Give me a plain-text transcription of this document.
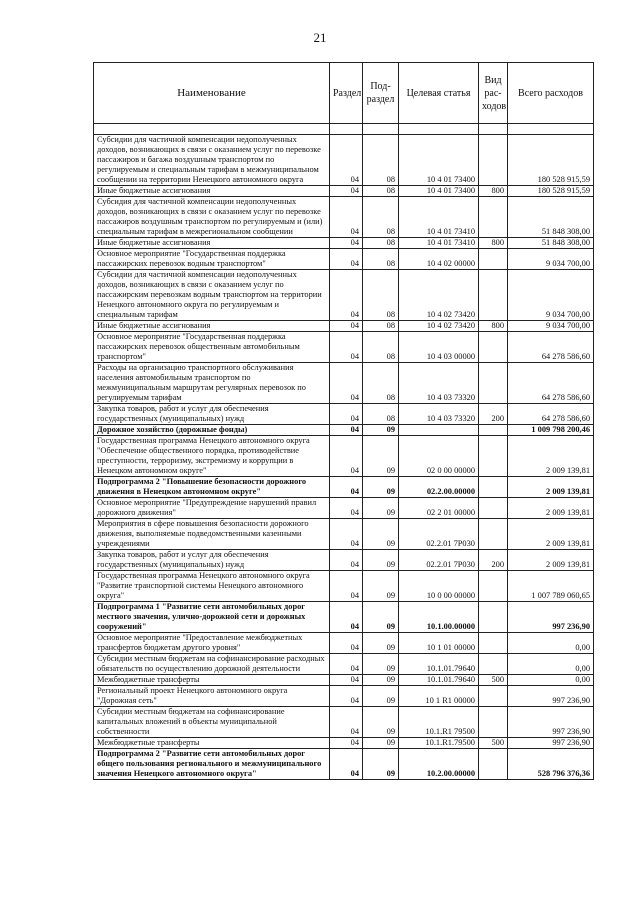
21
Наименование	Раздел	Под-раздел	Целевая статья	Вид рас-ходов	Всего расходов

Субсидии для частичной компенсации недополученных доходов, возникающих в связи с оказанием услуг по перевозке пассажиров и багажа воздушным транспортом по регулируемым и специальным тарифам в межмуниципальном сообщении на территории Ненецкого автономного округа	04	08	10 4 01 73400		180 528 915,59
Иные бюджетные ассигнования	04	08	10 4 01 73400	800	180 528 915,59
Субсидия для частичной компенсации недополученных доходов, возникающих в связи с оказанием услуг по перевозке пассажиров воздушным транспортом по регулируемым и (или) специальным тарифам в межрегиональном сообщении	04	08	10 4 01 73410		51 848 308,00
Иные бюджетные ассигнования	04	08	10 4 01 73410	800	51 848 308,00
Основное мероприятие "Государственная поддержка пассажирских перевозок водным транспортом"	04	08	10 4 02 00000		9 034 700,00
Субсидии для частичной компенсации недополученных доходов, возникающих в связи с оказанием услуг по пассажирским перевозкам водным транспортом на территории Ненецкого автономного округа по регулируемым и специальным тарифам	04	08	10 4 02 73420		9 034 700,00
Иные бюджетные ассигнования	04	08	10 4 02 73420	800	9 034 700,00
Основное мероприятие "Государственная поддержка пассажирских перевозок общественным автомобильным транспортом"	04	08	10 4 03 00000		64 278 586,60
Расходы на организацию транспортного обслуживания населения автомобильным транспортом по межмуниципальным маршрутам регулярных перевозок по регулируемым тарифам	04	08	10 4 03 73320		64 278 586,60
Закупка товаров, работ и услуг для обеспечения государственных (муниципальных) нужд	04	08	10 4 03 73320	200	64 278 586,60
Дорожное хозяйство (дорожные фонды)	04	09			1 009 798 200,46
Государственная программа Ненецкого автономного округа "Обеспечение общественного порядка, противодействие преступности, терроризму, экстремизму и коррупции в Ненецком автономном округе"	04	09	02 0 00 00000		2 009 139,81
Подпрограмма 2 "Повышение безопасности дорожного движения в Ненецком автономном округе"	04	09	02.2.00.00000		2 009 139,81
Основное мероприятие "Предупреждение нарушений правил дорожного движения"	04	09	02 2 01 00000		2 009 139,81
Мероприятия в сфере повышения безопасности дорожного движения, выполняемые подведомственными казенными учреждениями	04	09	02.2.01 7Р030		2 009 139,81
Закупка товаров, работ и услуг для обеспечения государственных (муниципальных) нужд	04	09	02.2.01 7Р030	200	2 009 139,81
Государственная программа Ненецкого автономного округа "Развитие транспортной системы Ненецкого автономного округа"	04	09	10 0 00 00000		1 007 789 060,65
Подпрограмма 1 "Развитие сети автомобильных дорог местного значения, улично-дорожной сети и дорожных сооружений"	04	09	10.1.00.00000		997 236,90
Основное мероприятие "Предоставление межбюджетных трансфертов бюджетам другого уровня"	04	09	10 1 01 00000		0,00
Субсидии местным бюджетам на софинансирование расходных обязательств по осуществлению дорожной деятельности	04	09	10.1.01.79640		0,00
Межбюджетные трансферты	04	09	10.1.01.79640	500	0,00
Региональный проект Ненецкого автономного округа "Дорожная сеть"	04	09	10 1 R1 00000		997 236,90
Субсидии местным бюджетам на софинансирование капитальных вложений в объекты муниципальной собственности	04	09	10.1.R1 79500		997 236,90
Межбюджетные трансферты	04	09	10.1.R1.79500	500	997 236,90
Подпрограмма 2 "Развитие сети автомобильных дорог общего пользования регионального и межмуниципального значения Ненецкого автономного округа"	04	09	10.2.00.00000		528 796 376,36
